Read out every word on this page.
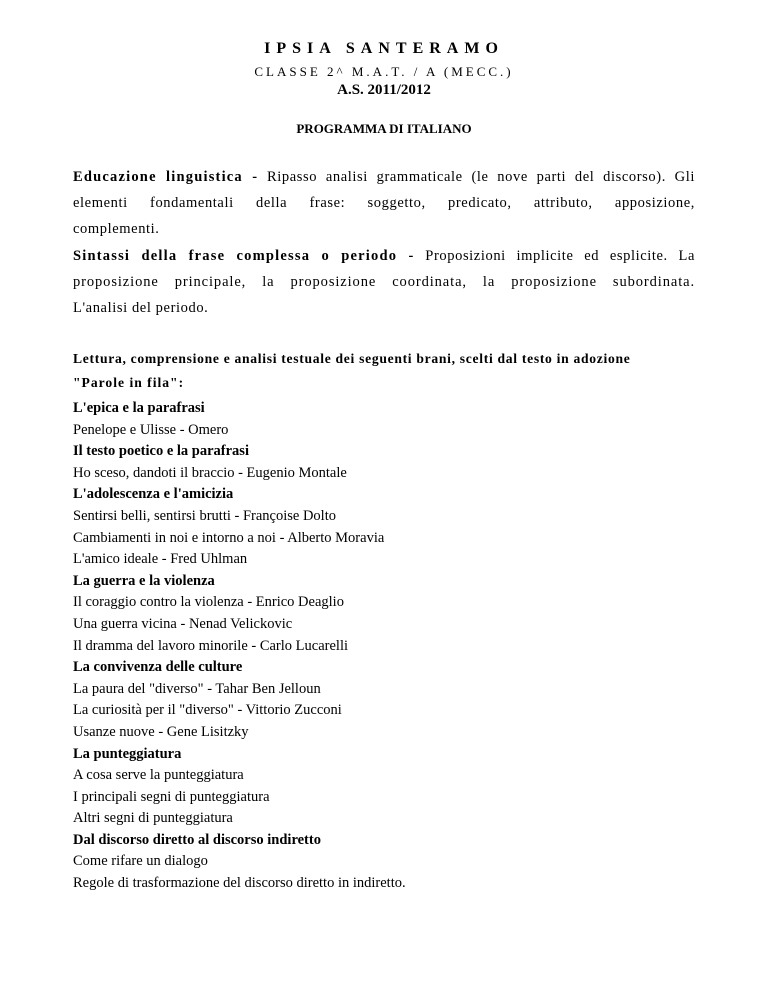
IPSIA SANTERAMO
CLASSE 2^ M.A.T. / A (MECC.)
A.S. 2011/2012
PROGRAMMA DI ITALIANO
Educazione linguistica - Ripasso analisi grammaticale (le nove parti del discorso). Gli
elementi fondamentali della frase: soggetto, predicato, attributo, apposizione,
complementi.
Sintassi della frase complessa o periodo - Proposizioni implicite ed esplicite. La
proposizione principale, la proposizione coordinata, la proposizione subordinata.
L'analisi del periodo.
Lettura, comprensione e analisi testuale dei seguenti brani, scelti dal testo in adozione
"Parole in fila":
L'epica e la parafrasi
Penelope e Ulisse - Omero
Il testo poetico e la parafrasi
Ho sceso, dandoti il braccio - Eugenio Montale
L'adolescenza e l'amicizia
Sentirsi belli, sentirsi brutti - Françoise Dolto
Cambiamenti in noi e intorno a noi - Alberto Moravia
L'amico ideale - Fred Uhlman
La guerra e la violenza
Il coraggio contro la violenza - Enrico Deaglio
Una guerra vicina - Nenad Velickovic
Il dramma del lavoro minorile - Carlo Lucarelli
La convivenza delle culture
La paura del "diverso" - Tahar Ben Jelloun
La curiosità per il "diverso" - Vittorio Zucconi
Usanze nuove - Gene Lisitzky
La punteggiatura
A cosa serve la punteggiatura
I principali segni di punteggiatura
Altri segni di punteggiatura
Dal discorso diretto al discorso indiretto
Come rifare un dialogo
Regole di trasformazione del discorso diretto in indiretto.
